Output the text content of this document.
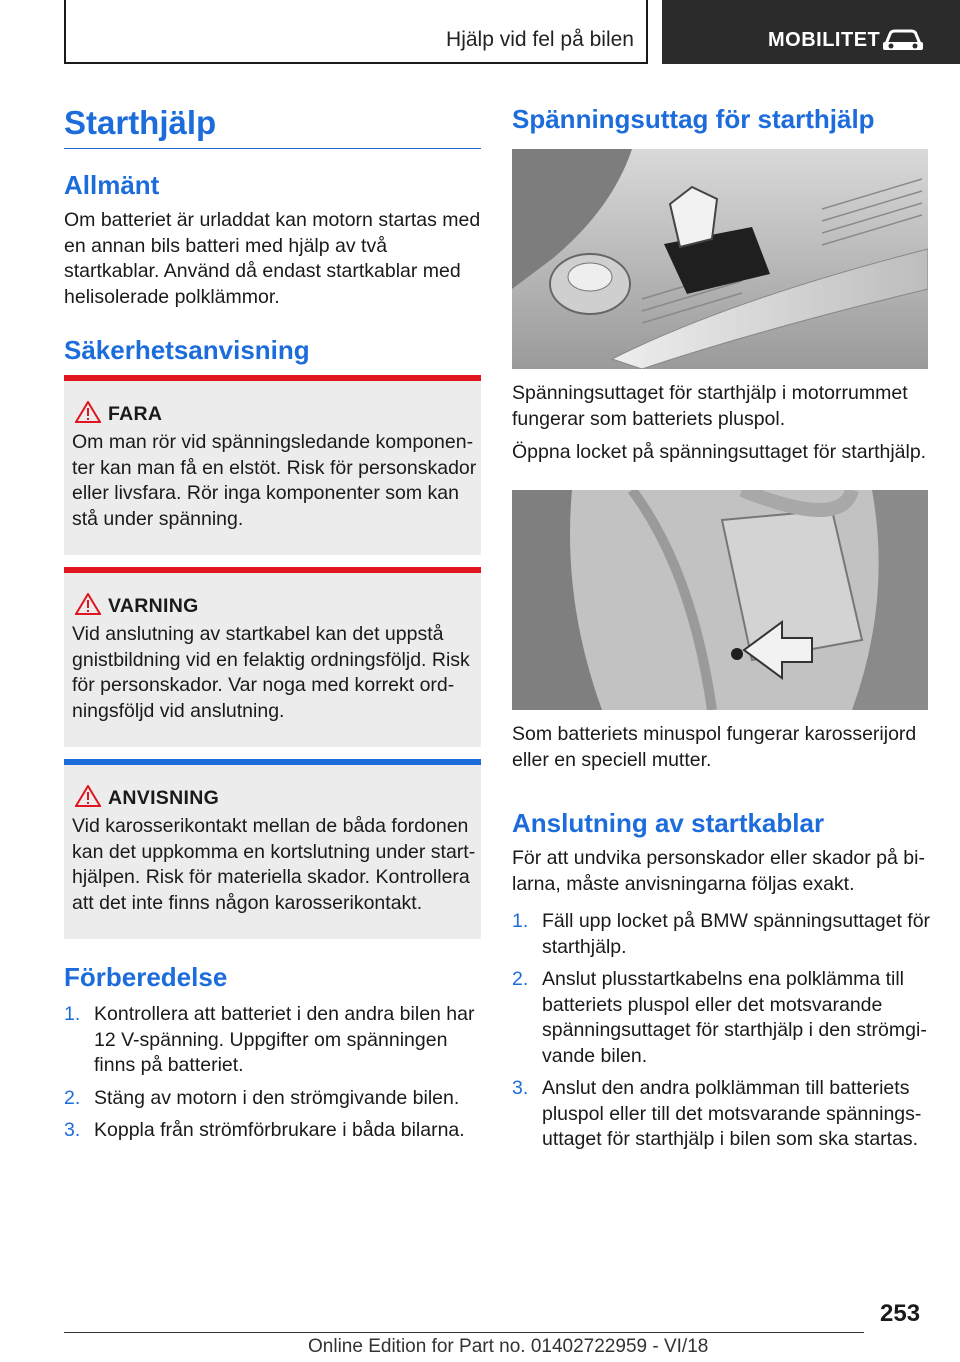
Hjälp vid fel på bilen	MOBILITET
Starthjälp
Allmänt

Om batteriet är urladdat kan motorn startas med en annan bils batteri med hjälp av två startkablar. Använd då endast startkablar med helisolerade polklämmor.

Säkerhetsanvisning
FARA
Om man rör vid spänningsledande komponenter kan man få en elstöt. Risk för personskador eller livsfara. Rör inga komponenter som kan stå under spänning.
VARNING
Vid anslutning av startkabel kan det uppstå gnistbildning vid en felaktig ordningsföljd. Risk för personskador. Var noga med korrekt ordningsföljd vid anslutning.
ANVISNING
Vid karosserikontakt mellan de båda fordonen kan det uppkomma en kortslutning under starthjälpen. Risk för materiella skador. Kontrollera att det inte finns någon karosserikontakt.
Förberedelse
1. Kontrollera att batteriet i den andra bilen har 12 V-spänning. Uppgifter om spänningen finns på batteriet.
2. Stäng av motorn i den strömgivande bilen.
3. Koppla från strömförbrukare i båda bilarna.
Spänningsuttag för starthjälp

Spänningsuttaget för starthjälp i motorrummet fungerar som batteriets pluspol.

Öppna locket på spänningsuttaget för starthjälp.

Som batteriets minuspol fungerar karosserijord eller en speciell mutter.

Anslutning av startkablar

För att undvika personskador eller skador på bilarna, måste anvisningarna följas exakt.

1. Fäll upp locket på BMW spänningsuttaget för starthjälp.
2. Anslut plusstartkabelns ena polklämma till batteriets pluspol eller det motsvarande spänningsuttaget för starthjälp i den strömgivande bilen.
3. Anslut den andra polklämman till batteriets pluspol eller till det motsvarande spänningsuttaget för starthjälp i bilen som ska startas.
253
Online Edition for Part no. 01402722959 - VI/18
